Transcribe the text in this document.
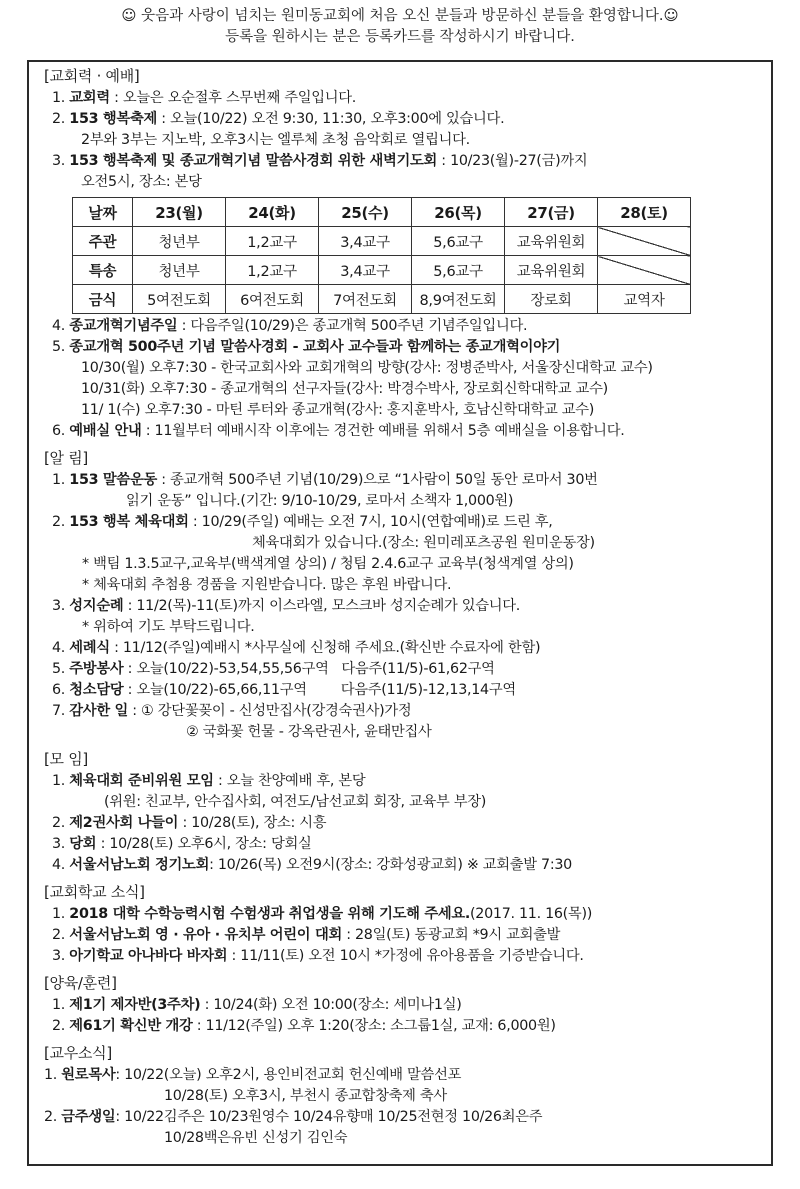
☺ 웃음과 사랑이 넘치는 원미동교회에 처음 오신 분들과 방문하신 분들을 환영합니다.☺
등록을 원하시는 분은 등록카드를 작성하시기 바랍니다.
[교회력 · 예배]
1. 교회력 : 오늘은 오순절후 스무번째 주일입니다.
2. 153 행복축제 : 오늘(10/22) 오전 9:30, 11:30, 오후3:00에 있습니다.
2부와 3부는 지노박, 오후3시는 엘루체 초청 음악회로 열립니다.
3. 153 행복축제 및 종교개혁기념 말씀사경회 위한 새벽기도회 : 10/23(월)-27(금)까지
오전5시, 장소: 본당
날짜	23(월)	24(화)	25(수)	26(목)	27(금)	28(토)
주관	청년부	1,2교구	3,4교구	5,6교구	교육위원회	
특송	청년부	1,2교구	3,4교구	5,6교구	교육위원회	
금식	5여전도회	6여전도회	7여전도회	8,9여전도회	장로회	교역자
4. 종교개혁기념주일 : 다음주일(10/29)은 종교개혁 500주년 기념주일입니다.
5. 종교개혁 500주년 기념 말씀사경회 - 교회사 교수들과 함께하는 종교개혁이야기
10/30(월) 오후7:30 - 한국교회사와 교회개혁의 방향(강사: 정병준박사, 서울장신대학교 교수)
10/31(화) 오후7:30 - 종교개혁의 선구자들(강사: 박경수박사, 장로회신학대학교 교수)
11/ 1(수) 오후7:30 - 마틴 루터와 종교개혁(강사: 홍지훈박사, 호남신학대학교 교수)
6. 예배실 안내 : 11월부터 예배시작 이후에는 경건한 예배를 위해서 5층 예배실을 이용합니다.
[알 림]
1. 153 말씀운동 : 종교개혁 500주년 기념(10/29)으로 “1사람이 50일 동안 로마서 30번
읽기 운동” 입니다.(기간: 9/10-10/29, 로마서 소책자 1,000원)
2. 153 행복 체육대회 : 10/29(주일) 예배는 오전 7시, 10시(연합예배)로 드린 후,
체육대회가 있습니다.(장소: 원미레포츠공원 원미운동장)
* 백팀 1.3.5교구,교육부(백색계열 상의) / 청팀 2.4.6교구 교육부(청색계열 상의)
* 체육대회 추첨용 경품을 지원받습니다. 많은 후원 바랍니다.
3. 성지순례 : 11/2(목)-11(토)까지 이스라엘, 모스크바 성지순례가 있습니다.
* 위하여 기도 부탁드립니다.
4. 세례식 : 11/12(주일)예배시 *사무실에 신청해 주세요.(확신반 수료자에 한함)
5. 주방봉사 : 오늘(10/22)-53,54,55,56구역   다음주(11/5)-61,62구역
6. 청소담당 : 오늘(10/22)-65,66,11구역        다음주(11/5)-12,13,14구역
7. 감사한 일 : ① 강단꽃꽂이 - 신성만집사(강경숙권사)가정
② 국화꽃 헌물 - 강옥란권사, 윤태만집사
[모 임]
1. 체육대회 준비위원 모임 : 오늘 찬양예배 후, 본당
(위원: 친교부, 안수집사회, 여전도/남선교회 회장, 교육부 부장)
2. 제2권사회 나들이 : 10/28(토), 장소: 시흥
3. 당회 : 10/28(토) 오후6시, 장소: 당회실
4. 서울서남노회 정기노회: 10/26(목) 오전9시(장소: 강화성광교회) ※ 교회출발 7:30
[교회학교 소식]
1. 2018 대학 수학능력시험 수험생과 취업생을 위해 기도해 주세요.(2017. 11. 16(목))
2. 서울서남노회 영 · 유아 · 유치부 어린이 대회 : 28일(토) 동광교회 *9시 교회출발
3. 아기학교 아나바다 바자회 : 11/11(토) 오전 10시 *가정에 유아용품을 기증받습니다.
[양육/훈련]
1. 제1기 제자반(3주차) : 10/24(화) 오전 10:00(장소: 세미나1실)
2. 제61기 확신반 개강 : 11/12(주일) 오후 1:20(장소: 소그룹1실, 교재: 6,000원)
[교우소식]
1. 원로목사: 10/22(오늘) 오후2시, 용인비전교회 헌신예배 말씀선포
10/28(토) 오후3시, 부천시 종교합창축제 축사
2. 금주생일: 10/22김주은 10/23원영수 10/24유향매 10/25전현정 10/26최은주
10/28백은유빈 신성기 김인숙
